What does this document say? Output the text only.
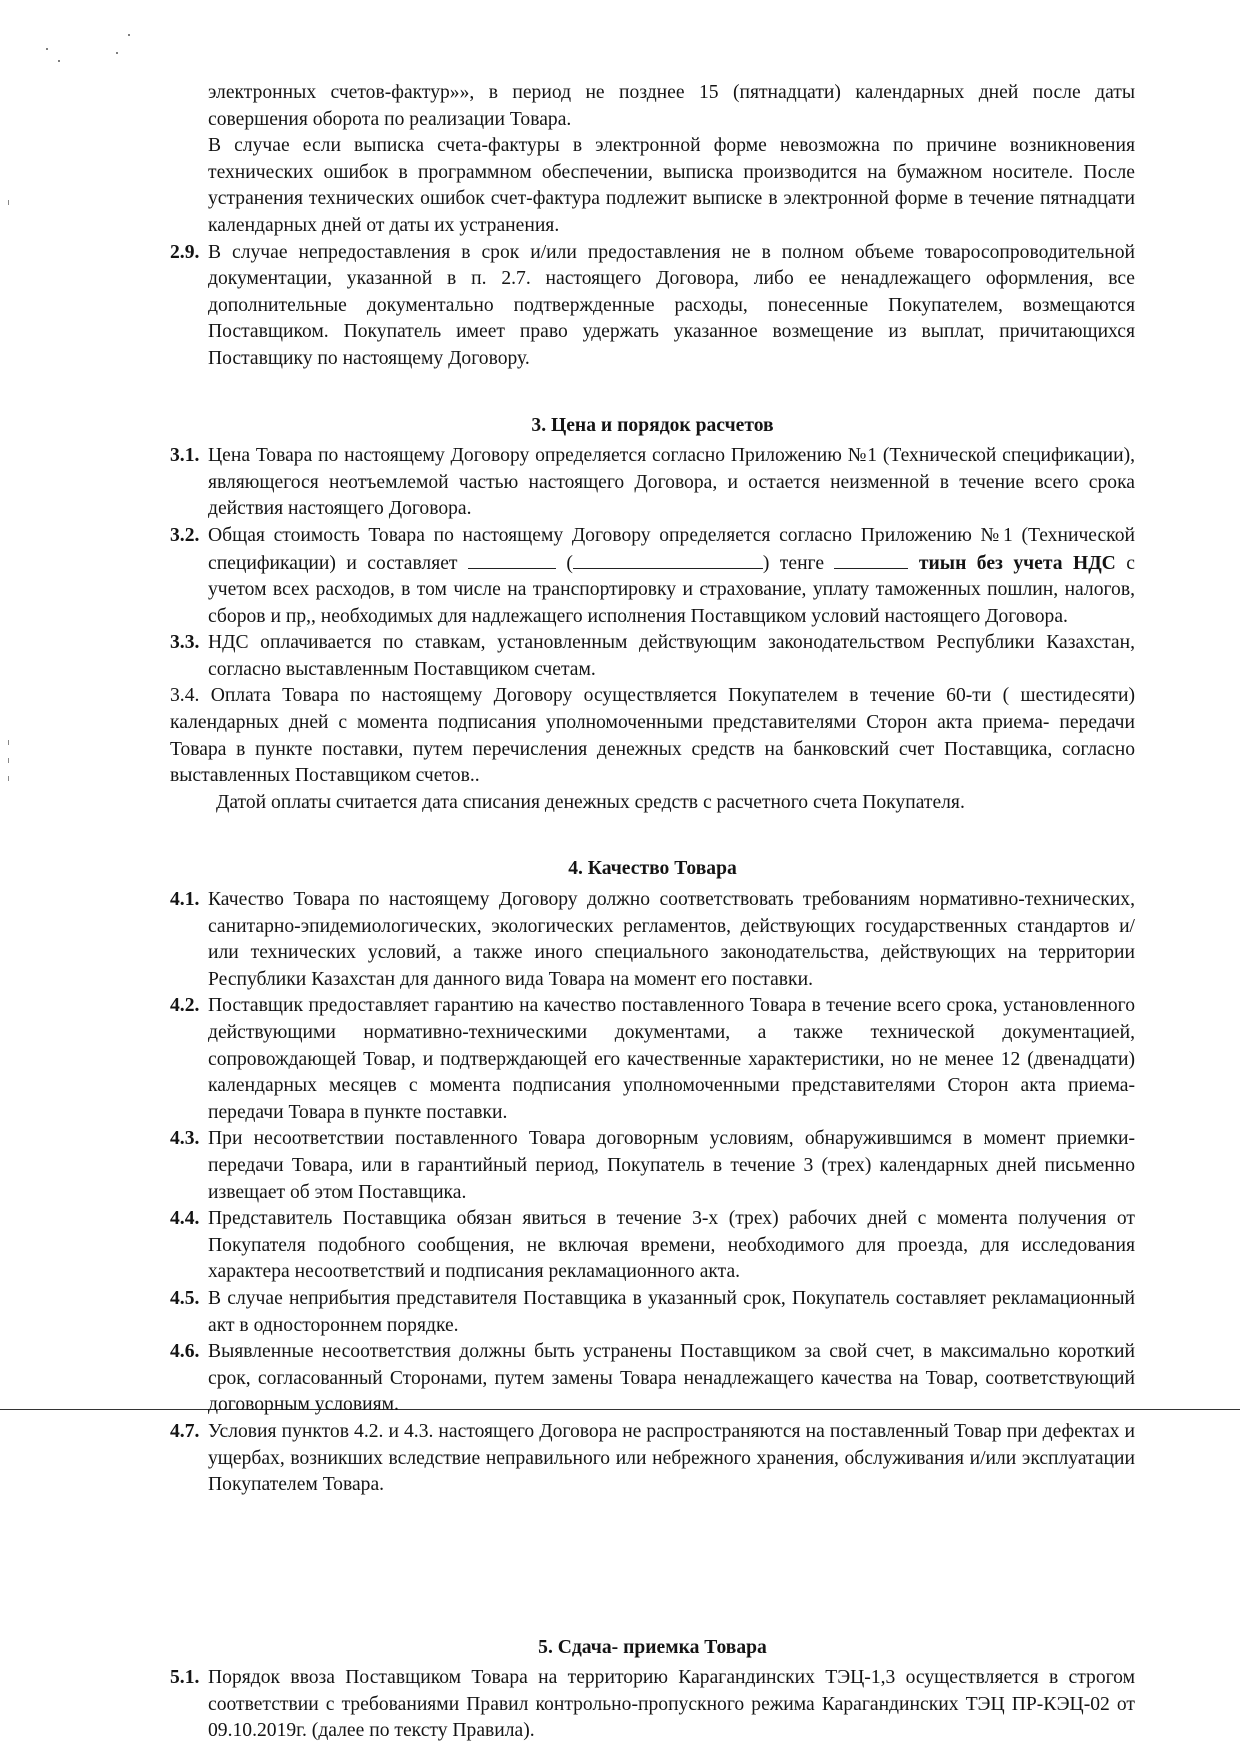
электронных счетов-фактур»», в период не позднее 15 (пятнадцати) календарных дней после даты совершения оборота по реализации Товара.

В случае если выписка счета-фактуры в электронной форме невозможна по причине возникновения технических ошибок в программном обеспечении, выписка производится на бумажном носителе. После устранения технических ошибок счет-фактура подлежит выписке в электронной форме в течение пятнадцати календарных дней от даты их устранения.

2.9. В случае непредоставления в срок и/или предоставления не в полном объеме товаросопроводительной документации, указанной в п. 2.7. настоящего Договора, либо ее ненадлежащего оформления, все дополнительные документально подтвержденные расходы, понесенные Покупателем, возмещаются Поставщиком. Покупатель имеет право удержать указанное возмещение из выплат, причитающихся Поставщику по настоящему Договору.
3. Цена и порядок расчетов
3.1. Цена Товара по настоящему Договору определяется согласно Приложению №1 (Технической спецификации), являющегося неотъемлемой частью настоящего Договора, и остается неизменной в течение всего срока действия настоящего Договора.
3.2. Общая стоимость Товара по настоящему Договору определяется согласно Приложению №1 (Технической спецификации) и составляет	(	) тенге	тиын без учета НДС с учетом всех расходов, в том числе на транспортировку и страхование, уплату таможенных пошлин, налогов, сборов и пр,, необходимых для надлежащего исполнения Поставщиком условий настоящего Договора.
3.3. НДС оплачивается по ставкам, установленным действующим законодательством Республики Казахстан, согласно выставленным Поставщиком счетам.

3.4. Оплата Товара по настоящему Договору осуществляется Покупателем в течение 60-ти ( шестидесяти) календарных дней с момента подписания уполномоченными представителями Сторон акта приема- передачи Товара в пункте поставки, путем перечисления денежных средств на банковский счет Поставщика, согласно выставленных Поставщиком счетов..

Датой оплаты считается дата списания денежных средств с расчетного счета Покупателя.

4. Качество Товара
4.1. Качество Товара по настоящему Договору должно соответствовать требованиям нормативно-технических, санитарно-эпидемиологических, экологических регламентов, действующих государственных стандартов и/или технических условий, а также иного специального законодательства, действующих на территории Республики Казахстан для данного вида Товара на момент его поставки.
4.2. Поставщик предоставляет гарантию на качество поставленного Товара в течение всего срока, установленного действующими нормативно-техническими документами, а также технической документацией, сопровождающей Товар, и подтверждающей его качественные характеристики, но не менее 12 (двенадцати) календарных месяцев с момента подписания уполномоченными представителями Сторон акта приема-передачи Товара в пункте поставки.
4.3. При несоответствии поставленного Товара договорным условиям, обнаружившимся в момент приемки-передачи Товара, или в гарантийный период, Покупатель в течение 3 (трех) календарных дней письменно извещает об этом Поставщика.
4.4. Представитель Поставщика обязан явиться в течение 3-х (трех) рабочих дней с момента получения от Покупателя подобного сообщения, не включая времени, необходимого для проезда, для исследования характера несоответствий и подписания рекламационного акта.
4.5. В случае неприбытия представителя Поставщика в указанный срок, Покупатель составляет рекламационный акт в одностороннем порядке.
4.6. Выявленные несоответствия должны быть устранены Поставщиком за свой счет, в максимально короткий срок, согласованный Сторонами, путем замены Товара ненадлежащего качества на Товар, соответствующий договорным условиям.
4.7. Условия пунктов 4.2. и 4.3. настоящего Договора не распространяются на поставленный Товар при дефектах и ущербах, возникших вследствие неправильного или небрежного хранения, обслуживания и/или эксплуатации Покупателем Товара.
5. Сдача- приемка Товара
5.1. Порядок ввоза Поставщиком Товара на территорию Карагандинских ТЭЦ-1,3 осуществляется в строгом соответствии с требованиями Правил контрольно-пропускного режима Карагандинских ТЭЦ ПР-КЭЦ-02 от 09.10.2019г. (далее по тексту Правила).
